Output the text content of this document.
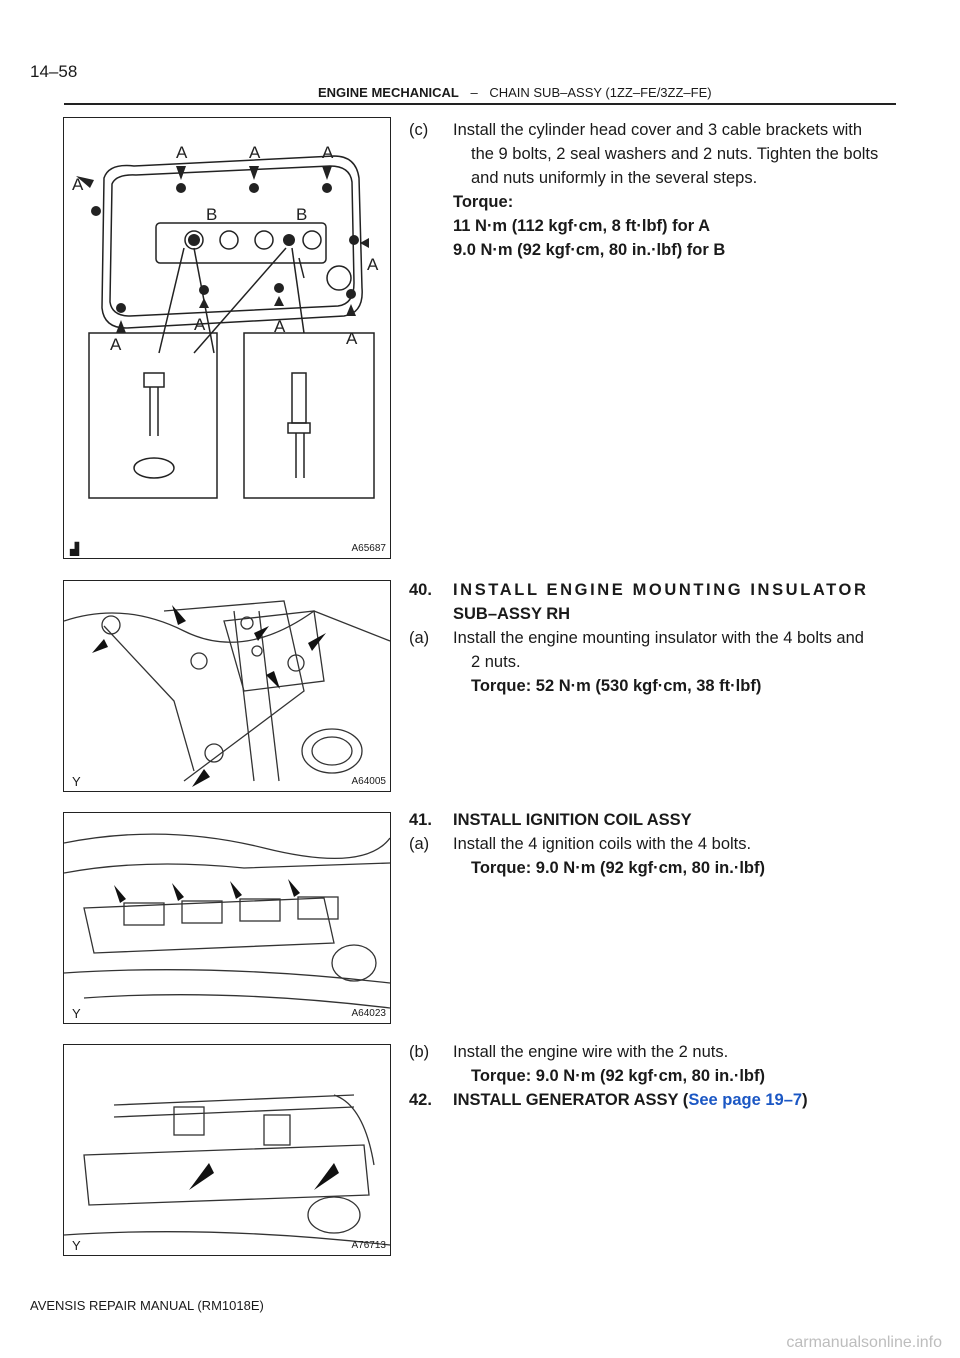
14–58
ENGINE MECHANICAL – CHAIN SUB–ASSY (1ZZ–FE/3ZZ–FE)
A
A	A	A
B	B
A
A	A
A	A
▟	A65687
Y	A64005
Y	A64023
Y	A76713
(c) Install the cylinder head cover and 3 cable brackets with
the 9 bolts, 2 seal washers and 2 nuts. Tighten the bolts
and nuts uniformly in the several steps.
Torque:
11 N·m (112 kgf·cm, 8 ft·lbf) for A
9.0 N·m (92 kgf·cm, 80 in.·lbf) for B
40. INSTALL ENGINE MOUNTING INSULATOR
SUB–ASSY RH
(a) Install the engine mounting insulator with the 4 bolts and
2 nuts.
Torque: 52 N·m (530 kgf·cm, 38 ft·lbf)
41. INSTALL IGNITION COIL ASSY
(a) Install the 4 ignition coils with the 4 bolts.
Torque: 9.0 N·m (92 kgf·cm, 80 in.·lbf)
(b) Install the engine wire with the 2 nuts.
Torque: 9.0 N·m (92 kgf·cm, 80 in.·lbf)
42. INSTALL GENERATOR ASSY (See page 19–7)
AVENSIS REPAIR MANUAL (RM1018E)
carmanualsonline.info
